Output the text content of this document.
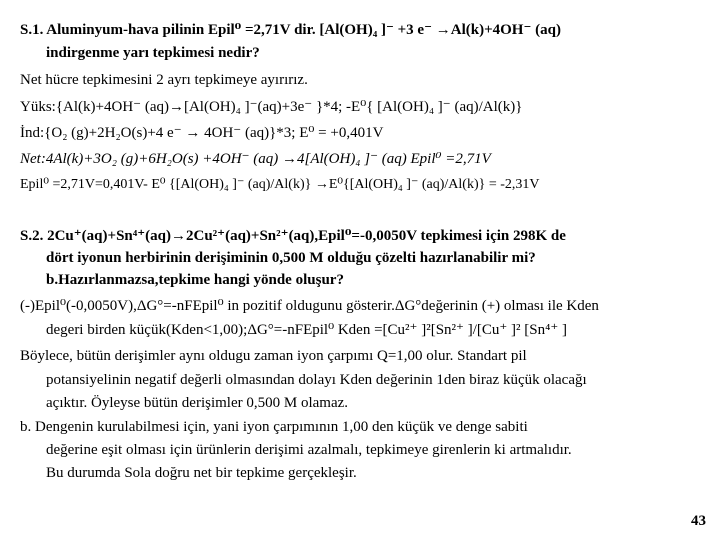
S.1. Aluminyum-hava pilinin Epil⁰ =2,71V dir. [Al(OH)₄ ]⁻ +3 e⁻ →Al(k)+4OH⁻ (aq)
indirgenme yarı tepkimesi nedir?
Net hücre tepkimesini 2 ayrı tepkimeye ayırırız.
Yüks:{Al(k)+4OH⁻ (aq)→[Al(OH)₄ ]⁻(aq)+3e⁻ }*4; -E⁰{ [Al(OH)₄ ]⁻ (aq)/Al(k)}
İnd:{O₂ (g)+2H₂O(s)+4 e⁻ → 4OH⁻ (aq)}*3; E⁰ = +0,401V
Net:4Al(k)+3O₂ (g)+6H₂O(s) +4OH⁻ (aq) →4[Al(OH)₄ ]⁻ (aq) Epil⁰ =2,71V
Epil⁰ =2,71V=0,401V- E⁰ {[Al(OH)₄ ]⁻ (aq)/Al(k)} →E⁰{[Al(OH)₄ ]⁻ (aq)/Al(k)} = -2,31V
S.2. 2Cu⁺(aq)+Sn⁴⁺(aq)→2Cu²⁺(aq)+Sn²⁺(aq),Epil⁰=-0,0050V tepkimesi için 298K de
dört iyonun herbirinin derişiminin 0,500 M olduğu çözelti hazırlanabilir mi?
b.Hazırlanmazsa,tepkime hangi yönde oluşur?
(-)Epil⁰(-0,0050V),ΔG°=-nFEpil⁰ in pozitif oldugunu gösterir.ΔG°değerinin (+) olması ile Kden
degeri birden küçük(Kden<1,00);ΔG°=-nFEpil⁰ Kden =[Cu²⁺ ]²[Sn²⁺ ]/[Cu⁺ ]² [Sn⁴⁺ ]
Böylece, bütün derişimler aynı oldugu zaman iyon çarpımı Q=1,00 olur. Standart pil
potansiyelinin negatif değerli olmasından dolayı Kden değerinin 1den biraz küçük olacağı
açıktır. Öyleyse bütün derişimler 0,500 M olamaz.
b. Dengenin kurulabilmesi için, yani iyon çarpımının 1,00 den küçük ve denge sabiti
değerine eşit olması için ürünlerin derişimi azalmalı, tepkimeye girenlerin ki artmalıdır.
Bu durumda Sola doğru net bir tepkime gerçekleşir.
43
